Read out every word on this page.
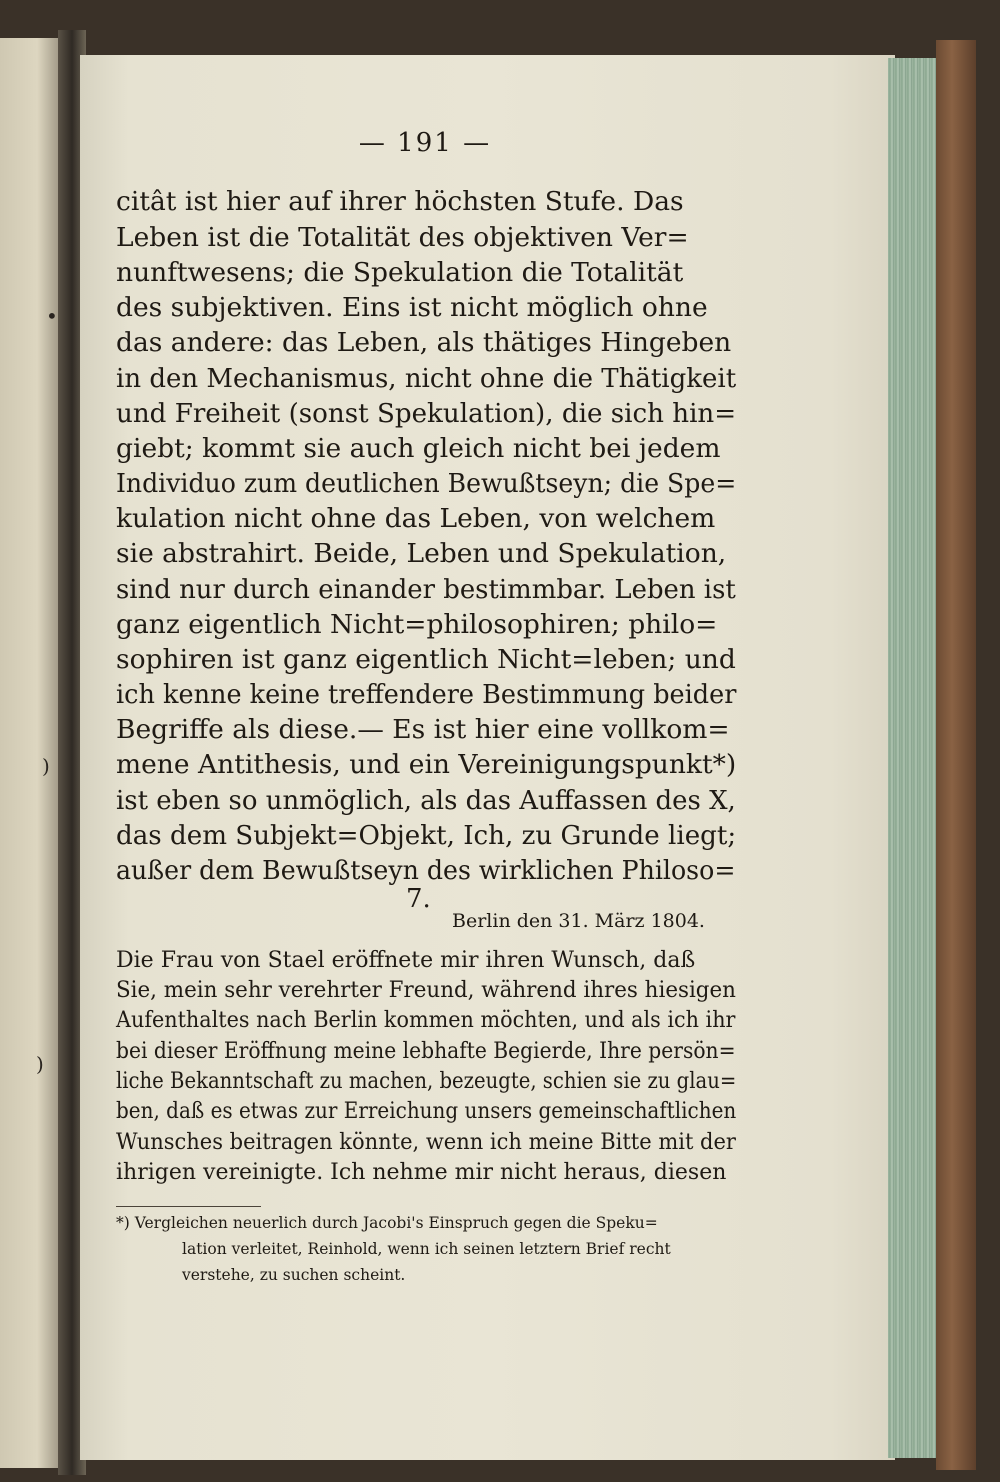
— 191 —
citât ist hier auf ihrer höchsten Stufe. Das
Leben ist die Totalität des objektiven Ver=
nunftwesens; die Spekulation die Totalität
des subjektiven. Eins ist nicht möglich ohne
das andere: das Leben, als thätiges Hingeben
in den Mechanismus, nicht ohne die Thätigkeit
und Freiheit (sonst Spekulation), die sich hin=
giebt; kommt sie auch gleich nicht bei jedem
Individuo zum deutlichen Bewußtseyn; die Spe=
kulation nicht ohne das Leben, von welchem
sie abstrahirt. Beide, Leben und Spekulation,
sind nur durch einander bestimmbar. Leben ist
ganz eigentlich Nicht=philosophiren; philo=
sophiren ist ganz eigentlich Nicht=leben; und
ich kenne keine treffendere Bestimmung beider
Begriffe als diese.— Es ist hier eine vollkom=
mene Antithesis, und ein Vereinigungspunkt*)
ist eben so unmöglich, als das Auffassen des X,
das dem Subjekt=Objekt, Ich, zu Grunde liegt;
außer dem Bewußtseyn des wirklichen Philoso=
7.
Berlin den 31. März 1804.
Die Frau von Stael eröffnete mir ihren Wunsch, daß
Sie, mein sehr verehrter Freund, während ihres hiesigen
Aufenthaltes nach Berlin kommen möchten, und als ich ihr
bei dieser Eröffnung meine lebhafte Begierde, Ihre persön=
liche Bekanntschaft zu machen, bezeugte, schien sie zu glau=
ben, daß es etwas zur Erreichung unsers gemeinschaftlichen
Wunsches beitragen könnte, wenn ich meine Bitte mit der
ihrigen vereinigte. Ich nehme mir nicht heraus, diesen
*) Vergleichen neuerlich durch Jacobi's Einspruch gegen die Speku=
lation verleitet, Reinhold, wenn ich seinen letztern Brief recht
verstehe, zu suchen scheint.
•
)
)
